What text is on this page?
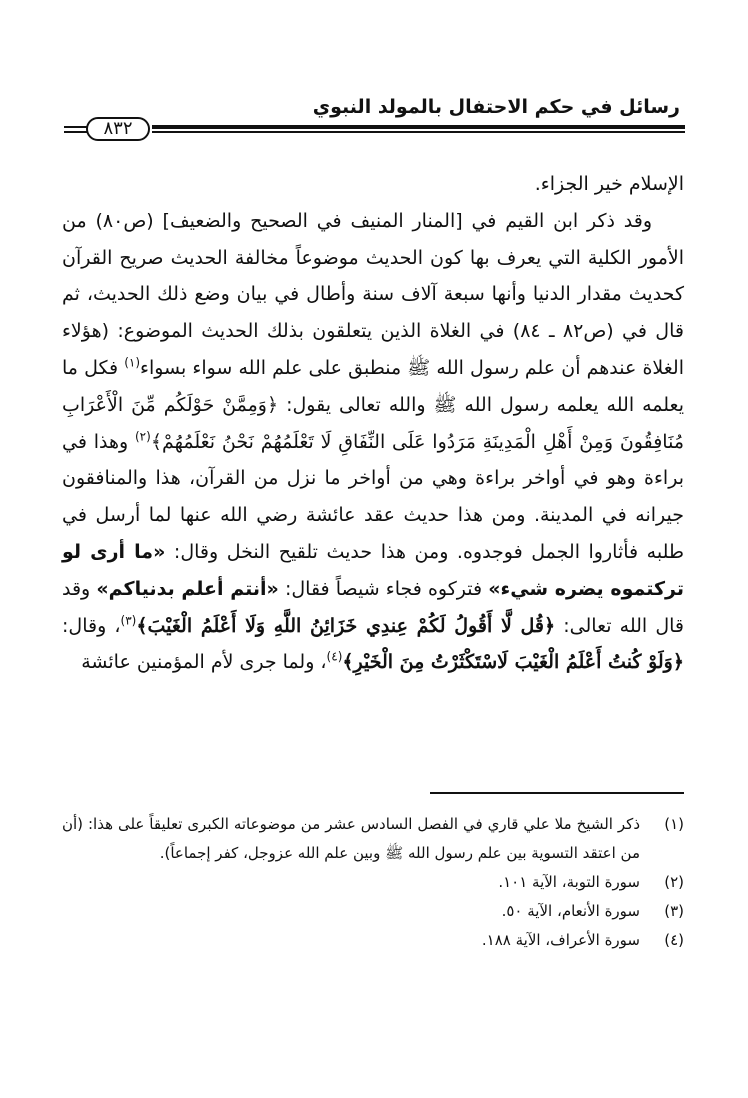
رسائل في حكم الاحتفال بالمولد النبوي
٨٣٢

الإسلام خير الجزاء.

وقد ذكر ابن القيم في [المنار المنيف في الصحيح والضعيف] (ص٨٠) من الأمور الكلية التي يعرف بها كون الحديث موضوعاً مخالفة الحديث صريح القرآن كحديث مقدار الدنيا وأنها سبعة آلاف سنة وأطال في بيان وضع ذلك الحديث، ثم قال في (ص٨٢ ـ ٨٤) في الغلاة الذين يتعلقون بذلك الحديث الموضوع: (هؤلاء الغلاة عندهم أن علم رسول الله ﷺ منطبق على علم الله سواء بسواء$^{(١)}$ فكل ما يعلمه الله يعلمه رسول الله ﷺ والله تعالى يقول: ﴿وَمِمَّنْ حَوْلَكُم مِّنَ الْأَعْرَابِ مُنَافِقُونَ وَمِنْ أَهْلِ الْمَدِينَةِ مَرَدُوا عَلَى النِّفَاقِ لَا تَعْلَمُهُمْ نَحْنُ نَعْلَمُهُمْ﴾$^{(٢)}$ وهذا في براءة وهو في أواخر براءة وهي من أواخر ما نزل من القرآن، هذا والمنافقون جيرانه في المدينة. ومن هذا حديث عقد عائشة رضي الله عنها لما أرسل في طلبه فأثاروا الجمل فوجدوه. ومن هذا حديث تلقيح النخل وقال: «ما أرى لو تركتموه يضره شيء» فتركوه فجاء شيصاً فقال: «أنتم أعلم بدنياكم» وقد قال الله تعالى: ﴿قُل لَّا أَقُولُ لَكُمْ عِندِي خَزَائِنُ اللَّهِ وَلَا أَعْلَمُ الْغَيْبَ﴾$^{(٣)}$، وقال: ﴿وَلَوْ كُنتُ أَعْلَمُ الْغَيْبَ لَاسْتَكْثَرْتُ مِنَ الْخَيْرِ﴾$^{(٤)}$، ولما جرى لأم المؤمنين عائشة

(١)
ذكر الشيخ ملا علي قاري في الفصل السادس عشر من موضوعاته الكبرى تعليقاً على هذا: (أن من اعتقد التسوية بين علم رسول الله ﷺ وبين علم الله عزوجل، كفر إجماعاً).
(٢)
سورة التوبة، الآية ١٠١.
(٣)
سورة الأنعام، الآية ٥٠.
(٤)
سورة الأعراف، الآية ١٨٨.
